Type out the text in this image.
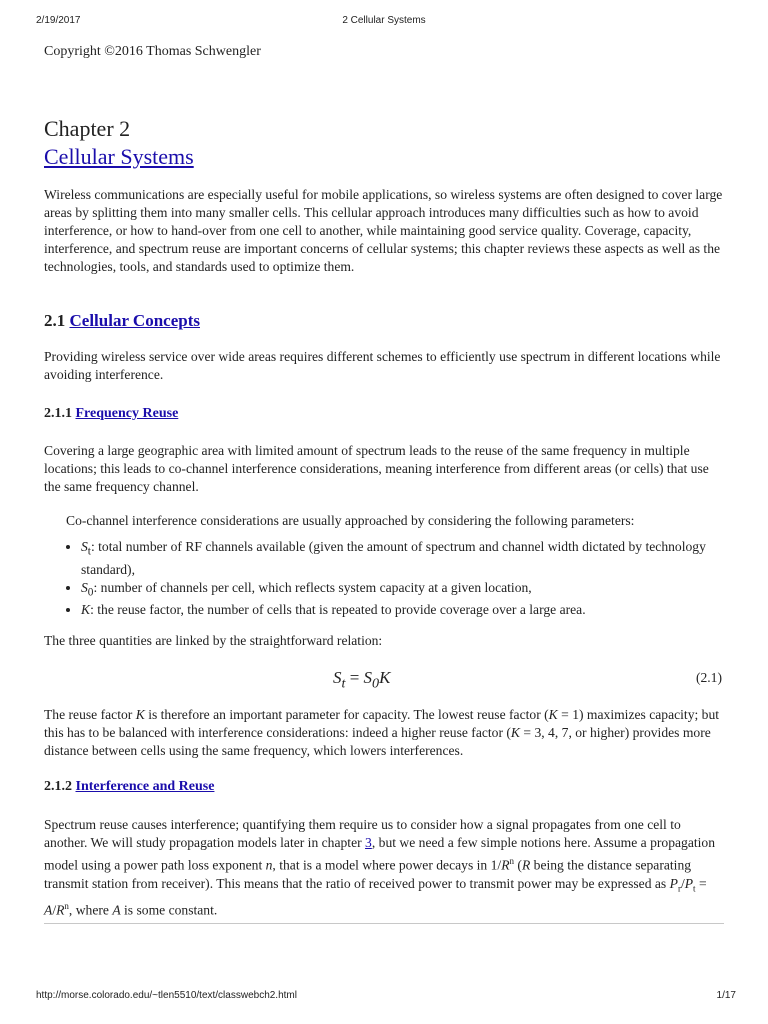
2/19/2017	2 Cellular Systems
Copyright ©2016 Thomas Schwengler
Chapter 2
Cellular Systems

Wireless communications are especially useful for mobile applications, so wireless systems are often designed to cover large areas by splitting them into many smaller cells. This cellular approach introduces many difficulties such as how to avoid interference, or how to hand-over from one cell to another, while maintaining good service quality. Coverage, capacity, interference, and spectrum reuse are important concerns of cellular systems; this chapter reviews these aspects as well as the technologies, tools, and standards used to optimize them.

2.1 Cellular Concepts

Providing wireless service over wide areas requires different schemes to efficiently use spectrum in different locations while avoiding interference.

2.1.1 Frequency Reuse

Covering a large geographic area with limited amount of spectrum leads to the reuse of the same frequency in multiple locations; this leads to co-channel interference considerations, meaning interference from different areas (or cells) that use the same frequency channel.

Co-channel interference considerations are usually approached by considering the following parameters:
• $S_t$: total number of RF channels available (given the amount of spectrum and channel width dictated by technology standard),
• $S_0$: number of channels per cell, which reflects system capacity at a given location,
• K: the reuse factor, the number of cells that is repeated to provide coverage over a large area.

The three quantities are linked by the straightforward relation:

$S_t = S_0K$	(2.1)

The reuse factor K is therefore an important parameter for capacity. The lowest reuse factor (K = 1) maximizes capacity; but this has to be balanced with interference considerations: indeed a higher reuse factor (K = 3, 4, 7, or higher) provides more distance between cells using the same frequency, which lowers interferences.

2.1.2 Interference and Reuse

Spectrum reuse causes interference; quantifying them require us to consider how a signal propagates from one cell to another. We will study propagation models later in chapter 3, but we need a few simple notions here. Assume a propagation model using a power path loss exponent n, that is a model where power decays in $1/R^n$ (R being the distance separating transmit station from receiver). This means that the ratio of received power to transmit power may be expressed as $P_r/P_t = A/R^n$, where A is some constant.

http://morse.colorado.edu/~tlen5510/text/classwebch2.html	1/17
